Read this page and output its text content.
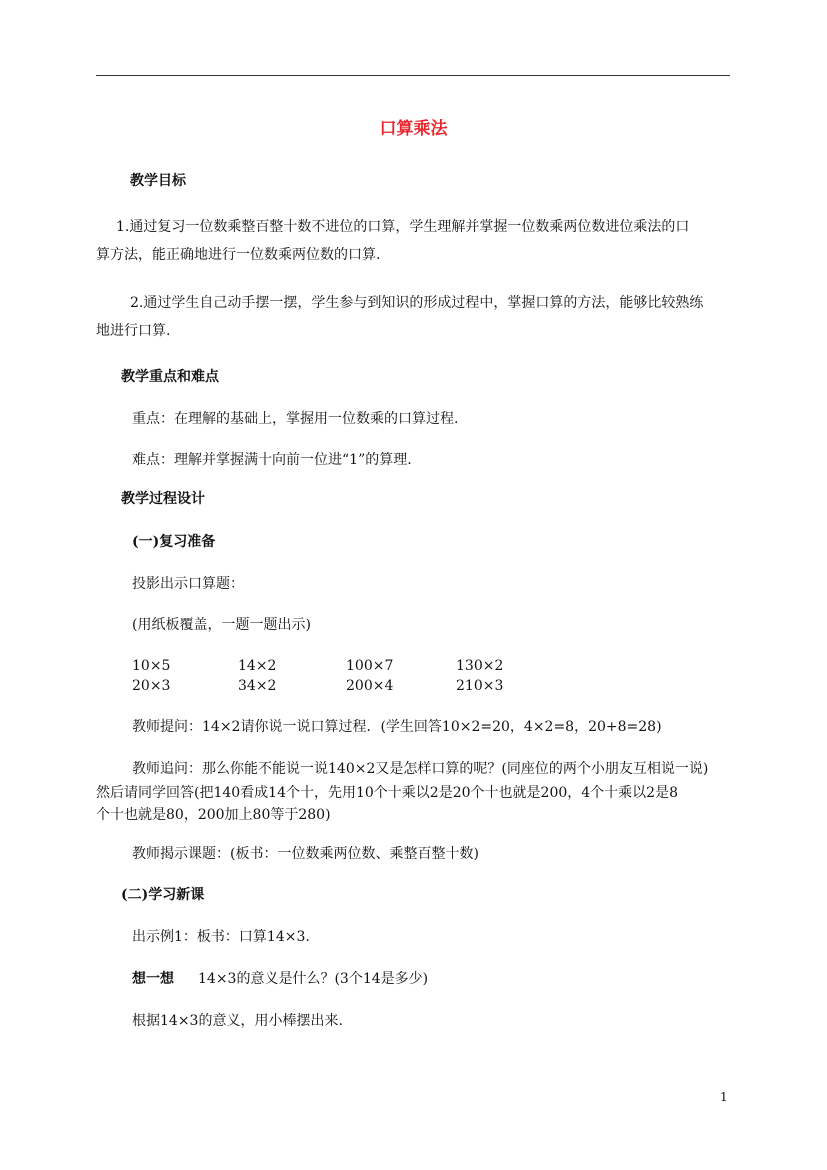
口算乘法
教学目标
1.通过复习一位数乘整百整十数不进位的口算，学生理解并掌握一位数乘两位数进位乘法的口
算方法，能正确地进行一位数乘两位数的口算.
2.通过学生自己动手摆一摆，学生参与到知识的形成过程中，掌握口算的方法，能够比较熟练
地进行口算.
教学重点和难点
重点：在理解的基础上，掌握用一位数乘的口算过程.
难点：理解并掌握满十向前一位进“1”的算理.
教学过程设计
(一)复习准备
投影出示口算题：
(用纸板覆盖，一题一题出示)
10×5	14×2	100×7	130×2
20×3	34×2	200×4	210×3
教师提问：14×2请你说一说口算过程．(学生回答10×2=20，4×2=8，20+8=28)
教师追问：那么你能不能说一说140×2又是怎样口算的呢？(同座位的两个小朋友互相说一说)
然后请同学回答(把140看成14个十，先用10个十乘以2是20个十也就是200，4个十乘以2是8
个十也就是80，200加上80等于280)
教师揭示课题：(板书：一位数乘两位数、乘整百整十数)
(二)学习新课
出示例1：板书：口算14×3.
想一想 14×3的意义是什么？(3个14是多少)
根据14×3的意义，用小棒摆出来.
1
